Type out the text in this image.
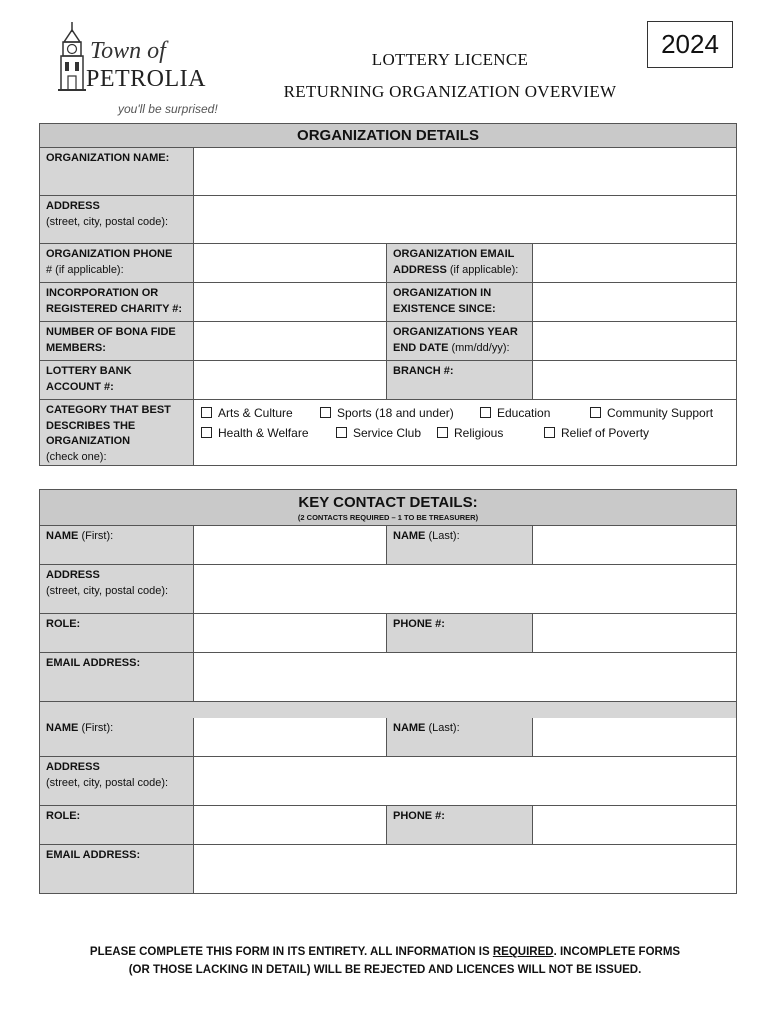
Town of
PETROLIA
you'll be surprised!
LOTTERY LICENCE
RETURNING ORGANIZATION OVERVIEW
2024
ORGANIZATION DETAILS
ORGANIZATION NAME:
ADDRESS
(street, city, postal code):
ORGANIZATION PHONE
# (if applicable):
ORGANIZATION EMAIL
ADDRESS (if applicable):
INCORPORATION OR
REGISTERED CHARITY #:
ORGANIZATION IN
EXISTENCE SINCE:
NUMBER OF BONA FIDE
MEMBERS:
ORGANIZATIONS YEAR
END DATE (mm/dd/yy):
LOTTERY BANK
ACCOUNT #:
BRANCH #:
CATEGORY THAT BEST
DESCRIBES THE
ORGANIZATION
(check one):
Arts & Culture	Sports (18 and under)	Education	Community Support
Health & Welfare	Service Club	Religious	Relief of Poverty
KEY CONTACT DETAILS:
(2 CONTACTS REQUIRED – 1 TO BE TREASURER)
NAME (First):	NAME (Last):
ADDRESS
(street, city, postal code):
ROLE:	PHONE #:
EMAIL ADDRESS:
NAME (First):	NAME (Last):
ADDRESS
(street, city, postal code):
ROLE:	PHONE #:
EMAIL ADDRESS:
PLEASE COMPLETE THIS FORM IN ITS ENTIRETY. ALL INFORMATION IS REQUIRED. INCOMPLETE FORMS
(OR THOSE LACKING IN DETAIL) WILL BE REJECTED AND LICENCES WILL NOT BE ISSUED.
